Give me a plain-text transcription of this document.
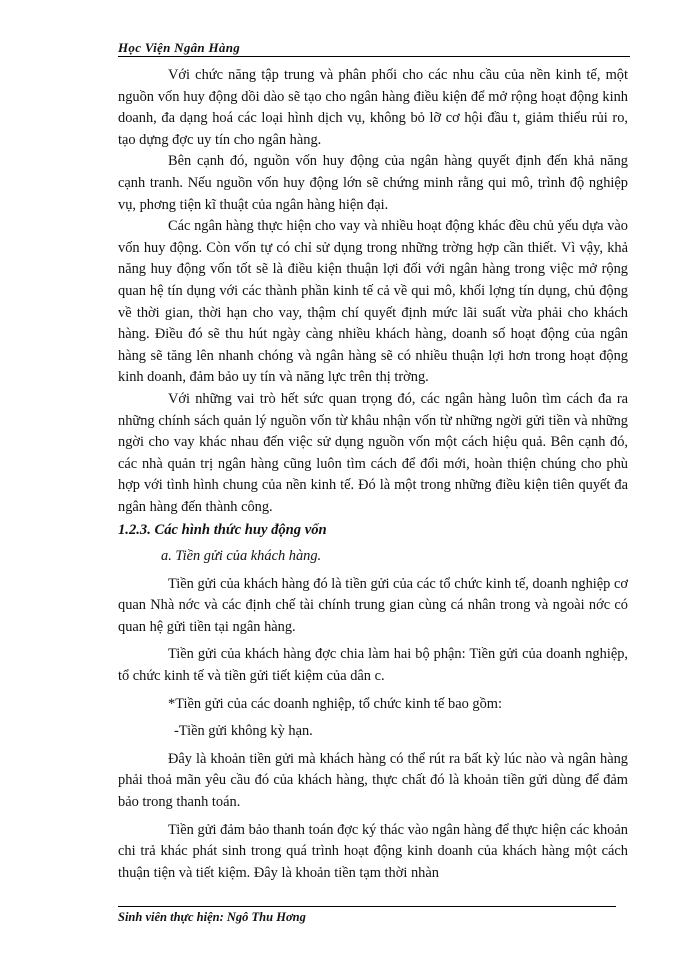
Học Viện Ngân Hàng

Với chức năng tập trung và phân phối cho các nhu cầu của nền kinh tế, một nguồn vốn huy động dồi dào sẽ tạo cho ngân hàng điều kiện để mở rộng hoạt động kinh doanh, đa dạng hoá các loại hình dịch vụ, không bỏ lỡ cơ hội đầu t, giảm thiểu rủi ro, tạo dựng đợc uy tín cho ngân hàng.

Bên cạnh đó, nguồn vốn huy động của ngân hàng quyết định đến khả năng cạnh tranh. Nếu nguồn vốn huy động lớn sẽ chứng minh rằng qui mô, trình độ nghiệp vụ, phơng tiện kĩ thuật của ngân hàng hiện đại.

Các ngân hàng thực hiện cho vay và nhiều hoạt động khác đều chủ yếu dựa vào vốn huy động. Còn vốn tự có chỉ sử dụng trong những trờng hợp cần thiết. Vì vậy, khả năng huy động vốn tốt sẽ là điều kiện thuận lợi đối với ngân hàng trong việc mở rộng quan hệ tín dụng với các thành phần kinh tế cả về qui mô, khối lợng tín dụng, chủ động về thời gian, thời hạn cho vay, thậm chí quyết định mức lãi suất vừa phải cho khách hàng. Điều đó sẽ thu hút ngày càng nhiều khách hàng, doanh số hoạt động của ngân hàng sẽ tăng lên nhanh chóng và ngân hàng sẽ có nhiều thuận lợi hơn trong hoạt động kinh doanh, đảm bảo uy tín và năng lực trên thị trờng.

Với những vai trò hết sức quan trọng đó, các ngân hàng luôn tìm cách đa ra những chính sách quản lý nguồn vốn từ khâu nhận vốn từ những ngời gửi tiền và những ngời cho vay khác nhau đến việc sử dụng nguồn vốn một cách hiệu quả. Bên cạnh đó, các nhà quản trị ngân hàng cũng luôn tìm cách để đổi mới, hoàn thiện chúng cho phù hợp với tình hình chung của nền kinh tế. Đó là một trong những điều kiện tiên quyết đa ngân hàng đến thành công.

1.2.3. Các hình thức huy động vốn
a. Tiền gửi của khách hàng.

Tiền gửi của khách hàng đó là tiền gửi của các tổ chức kinh tế, doanh nghiệp cơ quan Nhà nớc và các định chế tài chính trung gian cùng cá nhân trong và ngoài nớc có quan hệ gửi tiền tại ngân hàng.

Tiền gửi của khách hàng đợc chia làm hai bộ phận: Tiền gửi của doanh nghiệp, tổ chức kinh tế và tiền gửi tiết kiệm của dân c.

*Tiền gửi của các doanh nghiệp, tổ chức kinh tế bao gồm:

-Tiền gửi không kỳ hạn.

Đây là khoản tiền gửi mà khách hàng có thể rút ra bất kỳ lúc nào và ngân hàng phải thoả mãn yêu cầu đó của khách hàng, thực chất đó là khoản tiền gửi dùng để đảm bảo trong thanh toán.

Tiền gửi đảm bảo thanh toán đợc ký thác vào ngân hàng để thực hiện các khoản chi trả khác phát sinh trong quá trình hoạt động kinh doanh của khách hàng một cách thuận tiện và tiết kiệm. Đây là khoản tiền tạm thời nhàn

Sinh viên thực hiện: Ngô Thu Hơng
